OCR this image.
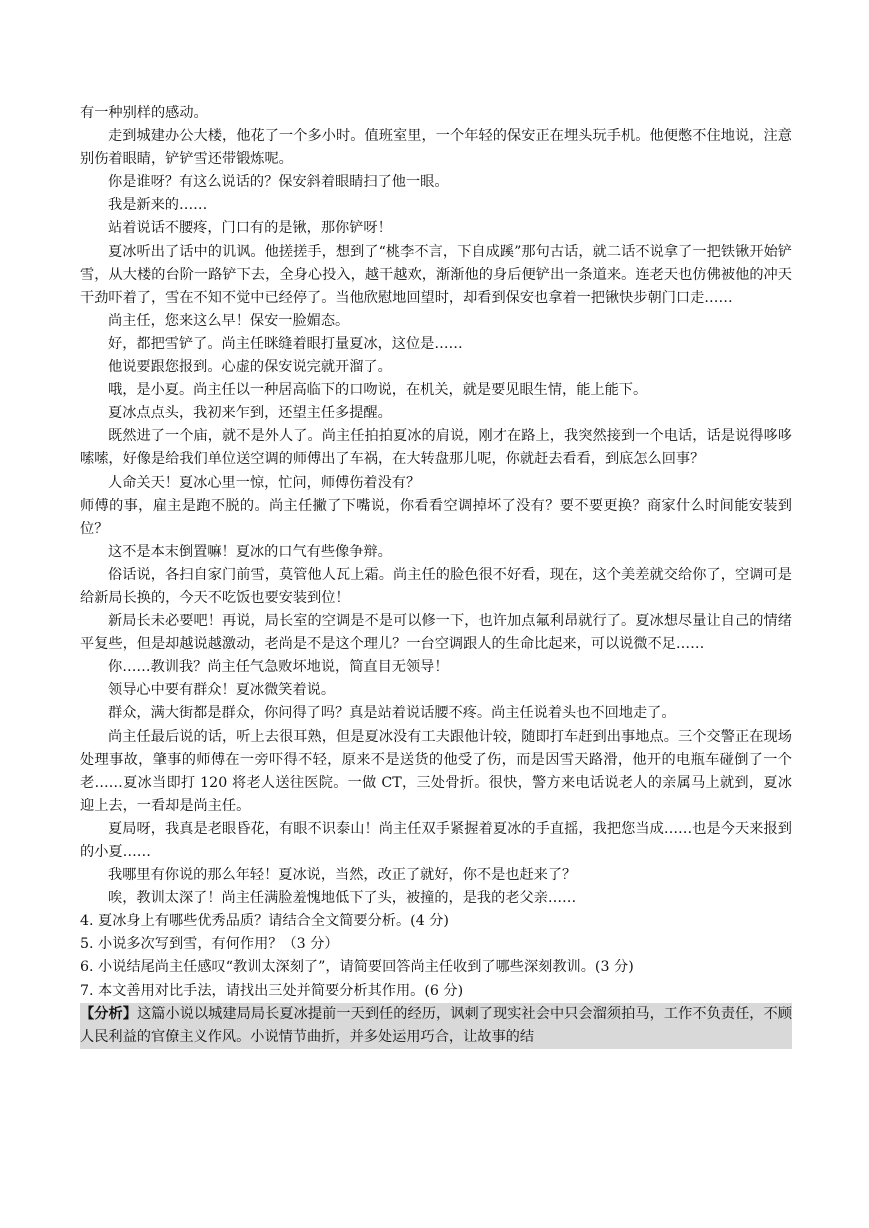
有一种别样的感动。

走到城建办公大楼，他花了一个多小时。值班室里，一个年轻的保安正在埋头玩手机。他便憋不住地说，注意别伤着眼睛，铲铲雪还带锻炼呢。

你是谁呀？有这么说话的？保安斜着眼睛扫了他一眼。

我是新来的……

站着说话不腰疼，门口有的是锹，那你铲呀！

夏冰听出了话中的讥讽。他搓搓手，想到了“桃李不言，下自成蹊”那句古话，就二话不说拿了一把铁锹开始铲雪，从大楼的台阶一路铲下去，全身心投入，越干越欢，渐渐他的身后便铲出一条道来。连老天也仿佛被他的冲天干劲吓着了，雪在不知不觉中已经停了。当他欣慰地回望时，却看到保安也拿着一把锹快步朝门口走……

尚主任，您来这么早！保安一脸媚态。

好，都把雪铲了。尚主任眯缝着眼打量夏冰，这位是……

他说要跟您报到。心虚的保安说完就开溜了。

哦，是小夏。尚主任以一种居高临下的口吻说，在机关，就是要见眼生情，能上能下。

夏冰点点头，我初来乍到，还望主任多提醒。

既然进了一个庙，就不是外人了。尚主任拍拍夏冰的肩说，刚才在路上，我突然接到一个电话，话是说得哆哆嗦嗦，好像是给我们单位送空调的师傅出了车祸，在大转盘那儿呢，你就赶去看看，到底怎么回事？

人命关天！夏冰心里一惊，忙问，师傅伤着没有？

师傅的事，雇主是跑不脱的。尚主任撇了下嘴说，你看看空调掉坏了没有？要不要更换？商家什么时间能安装到位？

这不是本末倒置嘛！夏冰的口气有些像争辩。

俗话说，各扫自家门前雪，莫管他人瓦上霜。尚主任的脸色很不好看，现在，这个美差就交给你了，空调可是给新局长换的，今天不吃饭也要安装到位！

新局长未必要吧！再说，局长室的空调是不是可以修一下，也许加点氟利昂就行了。夏冰想尽量让自己的情绪平复些，但是却越说越激动，老尚是不是这个理儿？一台空调跟人的生命比起来，可以说微不足……

你……教训我？尚主任气急败坏地说，简直目无领导！

领导心中要有群众！夏冰微笑着说。

群众，满大街都是群众，你问得了吗？真是站着说话腰不疼。尚主任说着头也不回地走了。

尚主任最后说的话，听上去很耳熟，但是夏冰没有工夫跟他计较，随即打车赶到出事地点。三个交警正在现场处理事故，肇事的师傅在一旁吓得不轻，原来不是送货的他受了伤，而是因雪天路滑，他开的电瓶车碰倒了一个老……夏冰当即打 120 将老人送往医院。一做 CT，三处骨折。很快，警方来电话说老人的亲属马上就到，夏冰迎上去，一看却是尚主任。

夏局呀，我真是老眼昏花，有眼不识泰山！尚主任双手紧握着夏冰的手直摇，我把您当成……也是今天来报到的小夏……

我哪里有你说的那么年轻！夏冰说，当然，改正了就好，你不是也赶来了？

唉，教训太深了！尚主任满脸羞愧地低下了头，被撞的，是我的老父亲……

4. 夏冰身上有哪些优秀品质？请结合全文简要分析。(4 分)

5. 小说多次写到雪，有何作用？（3 分）

6. 小说结尾尚主任感叹“教训太深刻了”，请简要回答尚主任收到了哪些深刻教训。(3 分)

7. 本文善用对比手法，请找出三处并简要分析其作用。(6 分)

【分析】这篇小说以城建局局长夏冰提前一天到任的经历，讽刺了现实社会中只会溜须拍马，工作不负责任，不顾人民利益的官僚主义作风。小说情节曲折，并多处运用巧合，让故事的结
